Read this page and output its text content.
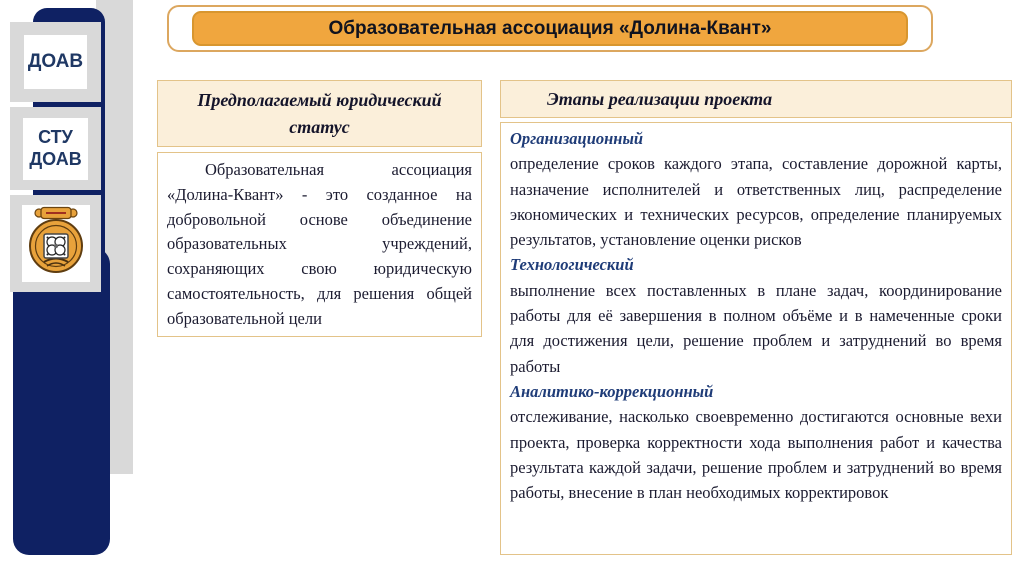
ДОАВ
СТУ
ДОАВ
Образовательная ассоциация «Долина-Квант»
Предполагаемый юридический статус

Образовательная ассоциация «Долина-Квант» - это созданное на добровольной основе объединение образовательных учреждений, сохраняющих свою юридическую самостоятельность, для решения общей образовательной цели

Этапы реализации проекта
Организационный

определение сроков каждого этапа, составление дорожной карты, назначение исполнителей и ответственных лиц, распределение экономических и технических ресурсов, определение планируемых результатов, установление оценки рисков

Технологический

выполнение всех поставленных в плане задач, координирование работы для её завершения в полном объёме и в намеченные сроки для достижения цели, решение проблем и затруднений во время работы

Аналитико-коррекционный

отслеживание, насколько своевременно достигаются основные вехи проекта, проверка корректности хода выполнения работ и качества результата каждой задачи, решение проблем и затруднений во время работы, внесение в план необходимых корректировок
